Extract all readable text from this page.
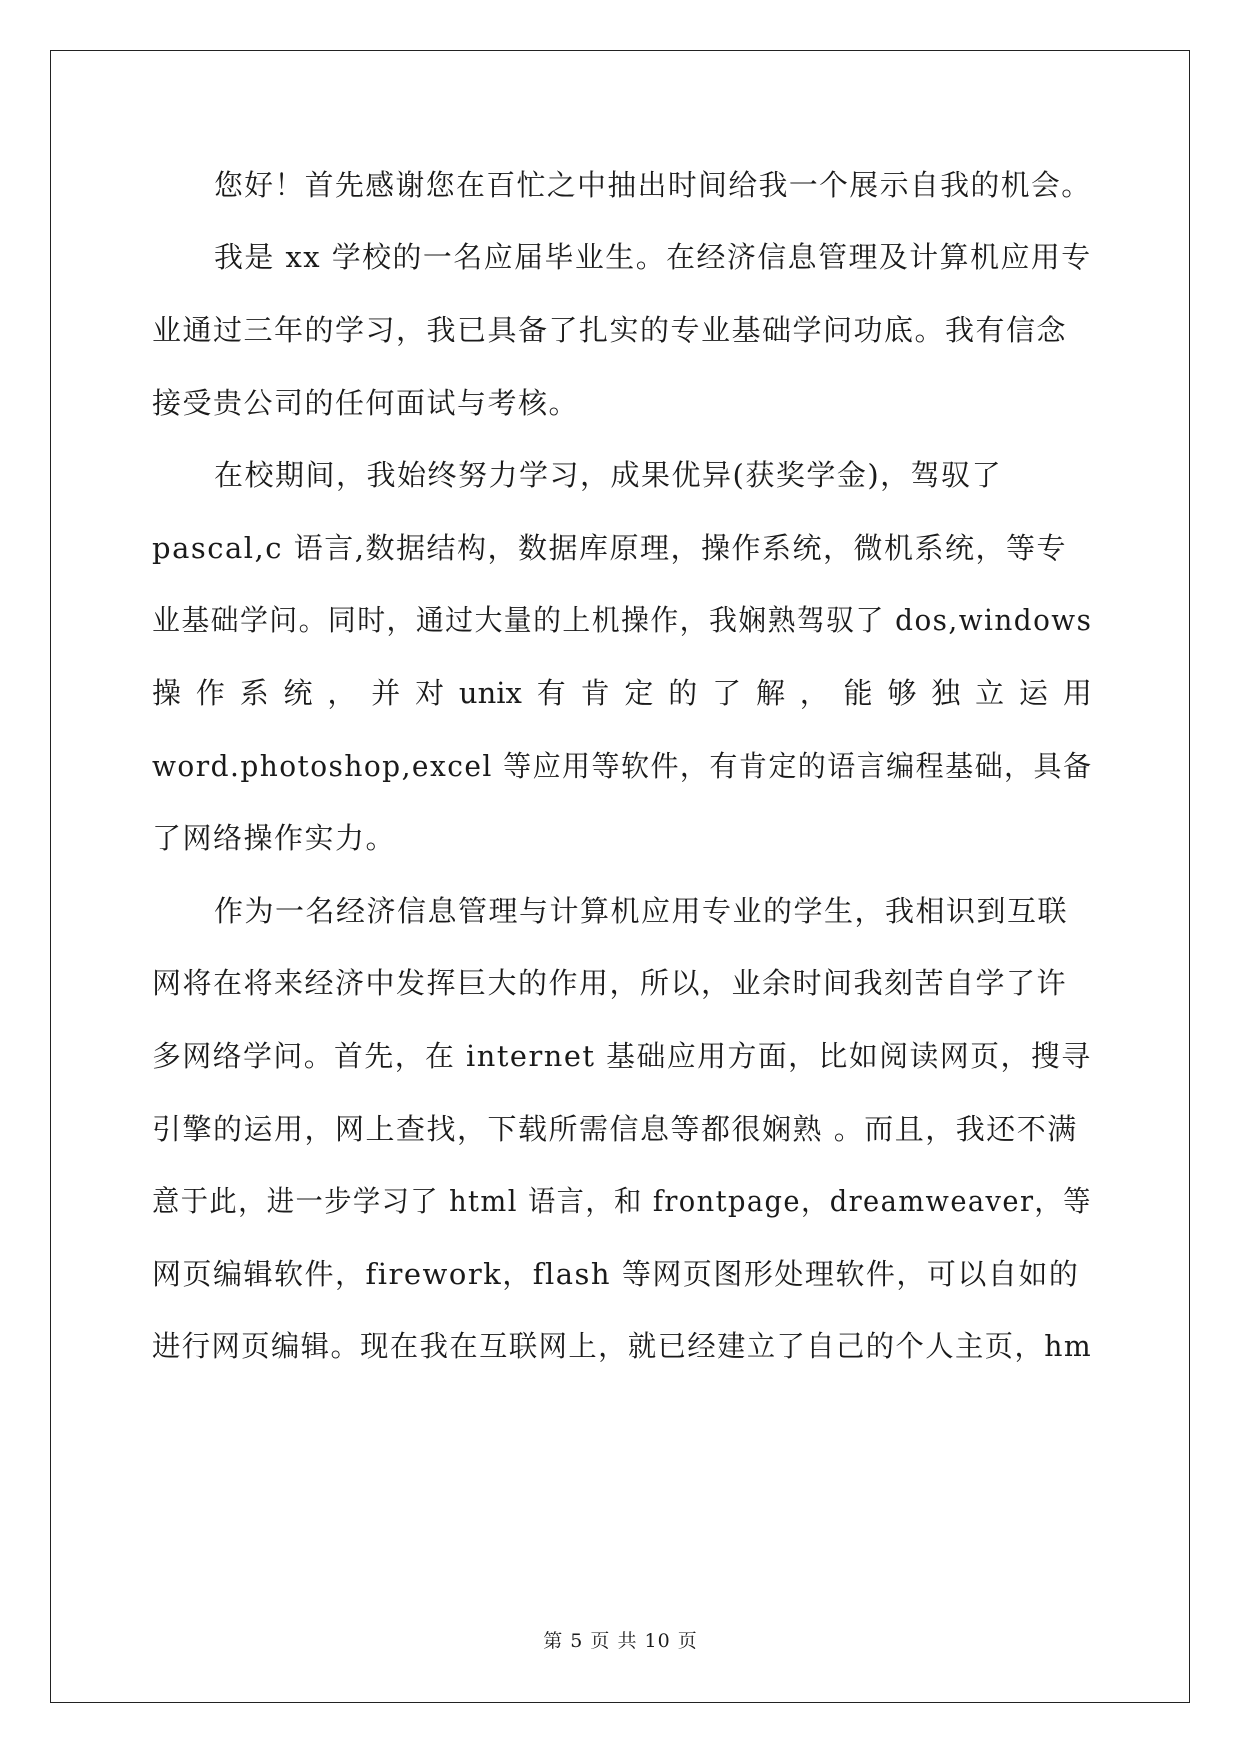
您好！首先感谢您在百忙之中抽出时间给我一个展示自我的机会。
我是 xx 学校的一名应届毕业生。在经济信息管理及计算机应用专
业通过三年的学习，我已具备了扎实的专业基础学问功底。我有信念
接受贵公司的任何面试与考核。
在校期间，我始终努力学习，成果优异(获奖学金)，驾驭了
pascal,c 语言,数据结构，数据库原理，操作系统，微机系统，等专
业基础学问。同时，通过大量的上机操作，我娴熟驾驭了 dos,windows
操 作 系 统 ， 并 对 unix 有 肯 定 的 了 解 ， 能 够 独 立 运 用
word.photoshop,excel 等应用等软件，有肯定的语言编程基础，具备
了网络操作实力。
作为一名经济信息管理与计算机应用专业的学生，我相识到互联
网将在将来经济中发挥巨大的作用，所以，业余时间我刻苦自学了许
多网络学问。首先，在 internet 基础应用方面，比如阅读网页，搜寻
引擎的运用，网上查找，下载所需信息等都很娴熟 。而且，我还不满
意于此，进一步学习了 html 语言，和 frontpage，dreamweaver，等
网页编辑软件，firework，flash 等网页图形处理软件，可以自如的
进行网页编辑。现在我在互联网上，就已经建立了自己的个人主页，hm
第 5 页 共 10 页
